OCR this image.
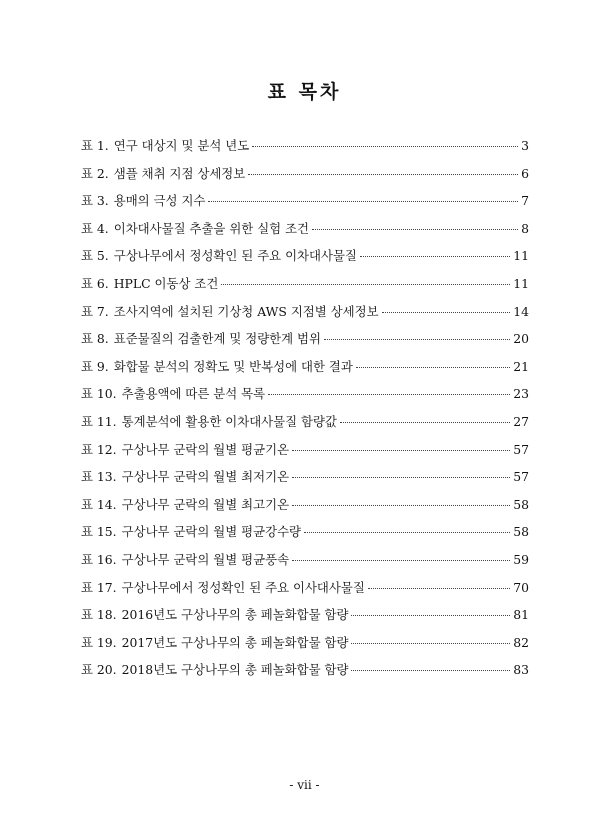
표 목차
표 1. 연구 대상지 및 분석 년도	3
표 2. 샘플 채취 지점 상세정보	6
표 3. 용매의 극성 지수	7
표 4. 이차대사물질 추출을 위한 실험 조건	8
표 5. 구상나무에서 정성확인 된 주요 이차대사물질	11
표 6. HPLC 이동상 조건	11
표 7. 조사지역에 설치된 기상청 AWS 지점별 상세정보	14
표 8. 표준물질의 검출한계 및 정량한계 범위	20
표 9. 화합물 분석의 정확도 및 반복성에 대한 결과	21
표 10. 추출용액에 따른 분석 목록	23
표 11. 통계분석에 활용한 이차대사물질 함량값	27
표 12. 구상나무 군락의 월별 평균기온	57
표 13. 구상나무 군락의 월별 최저기온	57
표 14. 구상나무 군락의 월별 최고기온	58
표 15. 구상나무 군락의 월별 평균강수량	58
표 16. 구상나무 군락의 월별 평균풍속	59
표 17. 구상나무에서 정성확인 된 주요 이사대사물질	70
표 18. 2016년도 구상나무의 총 페놀화합물 함량	81
표 19. 2017년도 구상나무의 총 페놀화합물 함량	82
표 20. 2018년도 구상나무의 총 페놀화합물 함량	83
- vii -
